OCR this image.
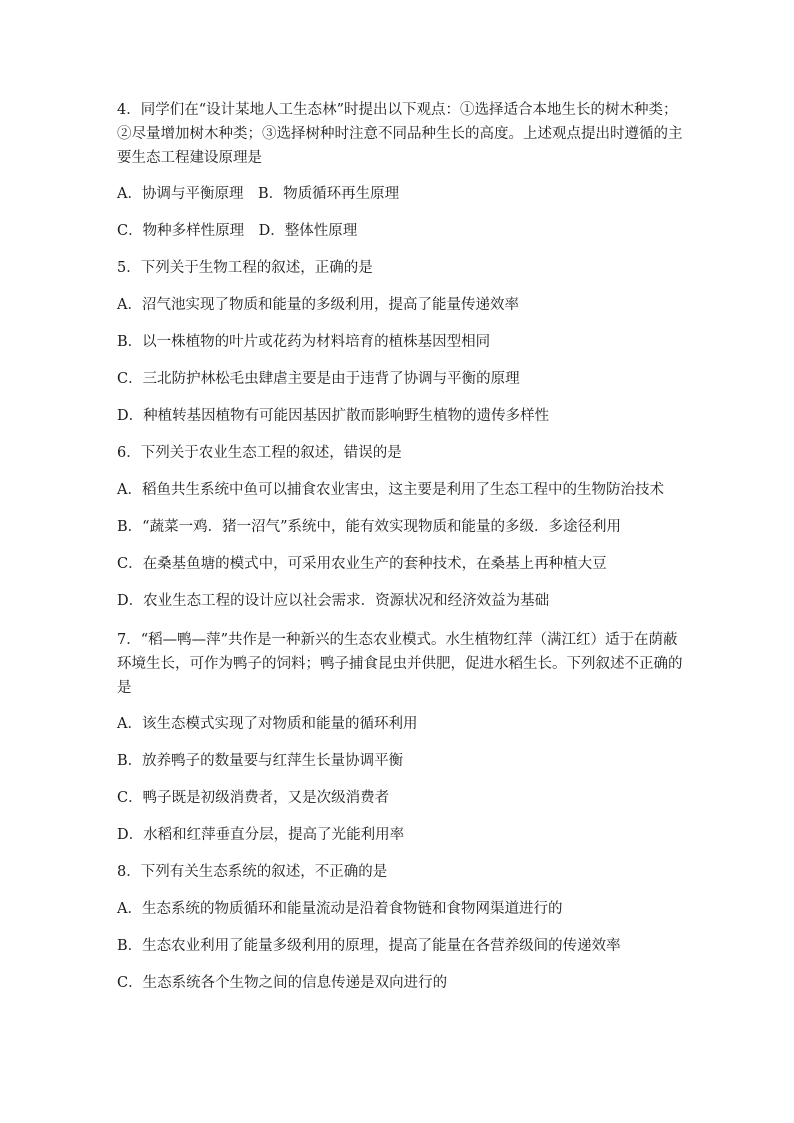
4．同学们在“设计某地人工生态林”时提出以下观点：①选择适合本地生长的树木种类；②尽量增加树木种类；③选择树种时注意不同品种生长的高度。上述观点提出时遵循的主要生态工程建设原理是

A．协调与平衡原理　B．物质循环再生原理

C．物种多样性原理　D．整体性原理

5．下列关于生物工程的叙述，正确的是

A．沼气池实现了物质和能量的多级利用，提高了能量传递效率

B．以一株植物的叶片或花药为材料培育的植株基因型相同

C．三北防护林松毛虫肆虐主要是由于违背了协调与平衡的原理

D．种植转基因植物有可能因基因扩散而影响野生植物的遗传多样性

6．下列关于农业生态工程的叙述，错误的是

A．稻鱼共生系统中鱼可以捕食农业害虫，这主要是利用了生态工程中的生物防治技术

B．“蔬菜一鸡．猪一沼气”系统中，能有效实现物质和能量的多级．多途径利用

C．在桑基鱼塘的模式中，可采用农业生产的套种技术，在桑基上再种植大豆

D．农业生态工程的设计应以社会需求．资源状况和经济效益为基础

7．“稻—鸭—萍”共作是一种新兴的生态农业模式。水生植物红萍（满江红）适于在荫蔽环境生长，可作为鸭子的饲料；鸭子捕食昆虫并供肥，促进水稻生长。下列叙述不正确的是

A．该生态模式实现了对物质和能量的循环利用

B．放养鸭子的数量要与红萍生长量协调平衡

C．鸭子既是初级消费者，又是次级消费者

D．水稻和红萍垂直分层，提高了光能利用率

8．下列有关生态系统的叙述，不正确的是

A．生态系统的物质循环和能量流动是沿着食物链和食物网渠道进行的

B．生态农业利用了能量多级利用的原理，提高了能量在各营养级间的传递效率

C．生态系统各个生物之间的信息传递是双向进行的
